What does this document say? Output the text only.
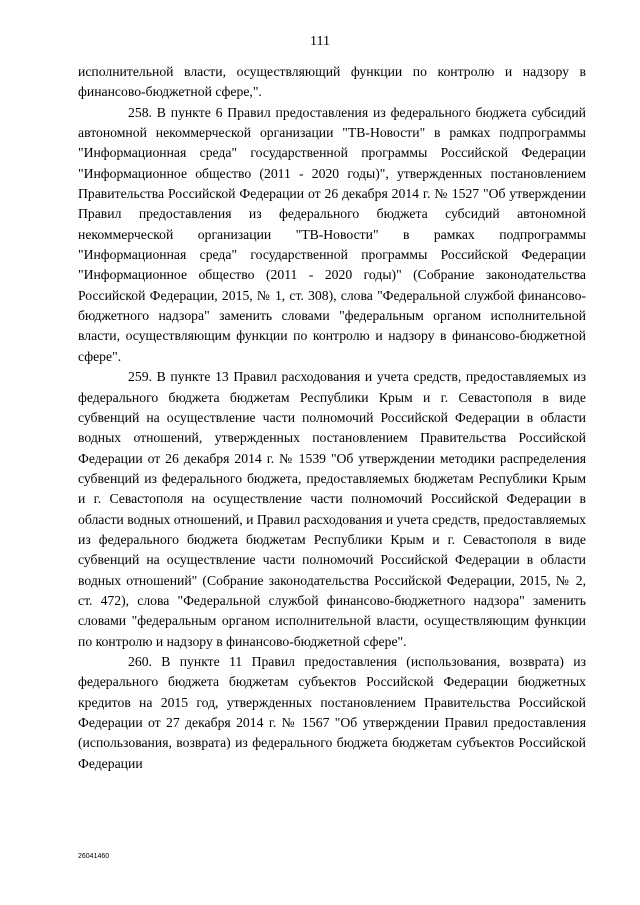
111

исполнительной власти, осуществляющий функции по контролю и надзору в финансово-бюджетной сфере,".

258. В пункте 6 Правил предоставления из федерального бюджета субсидий автономной некоммерческой организации "ТВ-Новости" в рамках подпрограммы "Информационная среда" государственной программы Российской Федерации "Информационное общество (2011 - 2020 годы)", утвержденных постановлением Правительства Российской Федерации от 26 декабря 2014 г. № 1527 "Об утверждении Правил предоставления из федерального бюджета субсидий автономной некоммерческой организации "ТВ-Новости" в рамках подпрограммы "Информационная среда" государственной программы Российской Федерации "Информационное общество (2011 - 2020 годы)" (Собрание законодательства Российской Федерации, 2015, № 1, ст. 308), слова "Федеральной службой финансово-бюджетного надзора" заменить словами "федеральным органом исполнительной власти, осуществляющим функции по контролю и надзору в финансово-бюджетной сфере".

259. В пункте 13 Правил расходования и учета средств, предоставляемых из федерального бюджета бюджетам Республики Крым и г. Севастополя в виде субвенций на осуществление части полномочий Российской Федерации в области водных отношений, утвержденных постановлением Правительства Российской Федерации от 26 декабря 2014 г. № 1539 "Об утверждении методики распределения субвенций из федерального бюджета, предоставляемых бюджетам Республики Крым и г. Севастополя на осуществление части полномочий Российской Федерации в области водных отношений, и Правил расходования и учета средств, предоставляемых из федерального бюджета бюджетам Республики Крым и г. Севастополя в виде субвенций на осуществление части полномочий Российской Федерации в области водных отношений" (Собрание законодательства Российской Федерации, 2015, № 2, ст. 472), слова "Федеральной службой финансово-бюджетного надзора" заменить словами "федеральным органом исполнительной власти, осуществляющим функции по контролю и надзору в финансово-бюджетной сфере".

260. В пункте 11 Правил предоставления (использования, возврата) из федерального бюджета бюджетам субъектов Российской Федерации бюджетных кредитов на 2015 год, утвержденных постановлением Правительства Российской Федерации от 27 декабря 2014 г. № 1567 "Об утверждении Правил предоставления (использования, возврата) из федерального бюджета бюджетам субъектов Российской Федерации

26041460
